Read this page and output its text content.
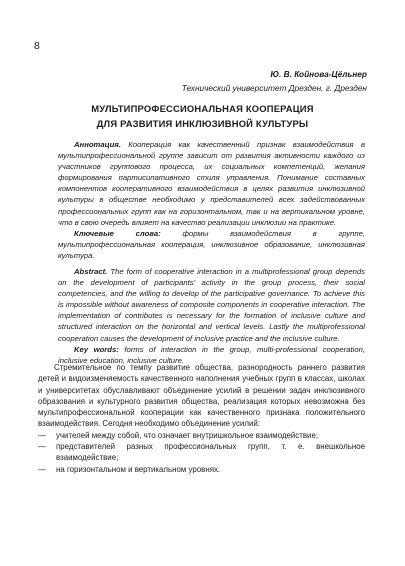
8
Ю. В. Койнова-Цёльнер
Технический университет Дрезден, г. Дрезден
МУЛЬТИПРОФЕССИОНАЛЬНАЯ КООПЕРАЦИЯ
ДЛЯ РАЗВИТИЯ ИНКЛЮЗИВНОЙ КУЛЬТУРЫ

Аннотация. Кооперация как качественный признак взаимодействия в мультипрофессиональной группе зависит от развития активности каждого из участников группового процесса, их социальных компетенций, желания формирования партисипативного стиля управления. Понимание составных компонентов кооперативного взаимодействия в целях развития инклюзивной культуры в обществе необходимо у представителей всех задействованных профессиональных групп как на горизонтальном, так и на вертикальном уровне, что в свою очередь влияет на качество реализации инклюзии на практике.

Ключевые слова:	формы взаимодействия в группе, мультипрофессиональная кооперация, инклюзивное образование, инклюзивная культура.

Abstract. The form of cooperative interaction in a multiprofessional group depends on the development of participants’ activity in the group process, their social competencies, and the willing to develop of the participative governance. To achieve this is impossible without awareness of composite components in cooperative interaction. The implementation of contributes is necessary for the formation of inclusive culture and structured interaction on the horizontal and vertical levels. Lastly the multiprofessional cooperation causes the development of inclusive practice and the inclusive culture.

Key words: forms of interaction in the group, multi-professional cooperation, inclusive education, inclusive culture.

Стремительное по темпу развитие общества, разнородность раннего развития детей и видоизменяемость качественного наполнения учебных групп в классах, школах и университетах обуславливают объединение усилий в решении задач инклюзивного образования и культурного развития общества, реализация которых невозможна без мультипрофессиональной кооперации как качественного признака положительного взаимодействия. Сегодня необходимо объединение усилий:

— учителей между собой, что означает внутришкольное взаимодействие;
— представителей разных профессиональных групп, т. е. внешкольное взаимодействие;
— на горизонтальном и вертикальном уровнях.
